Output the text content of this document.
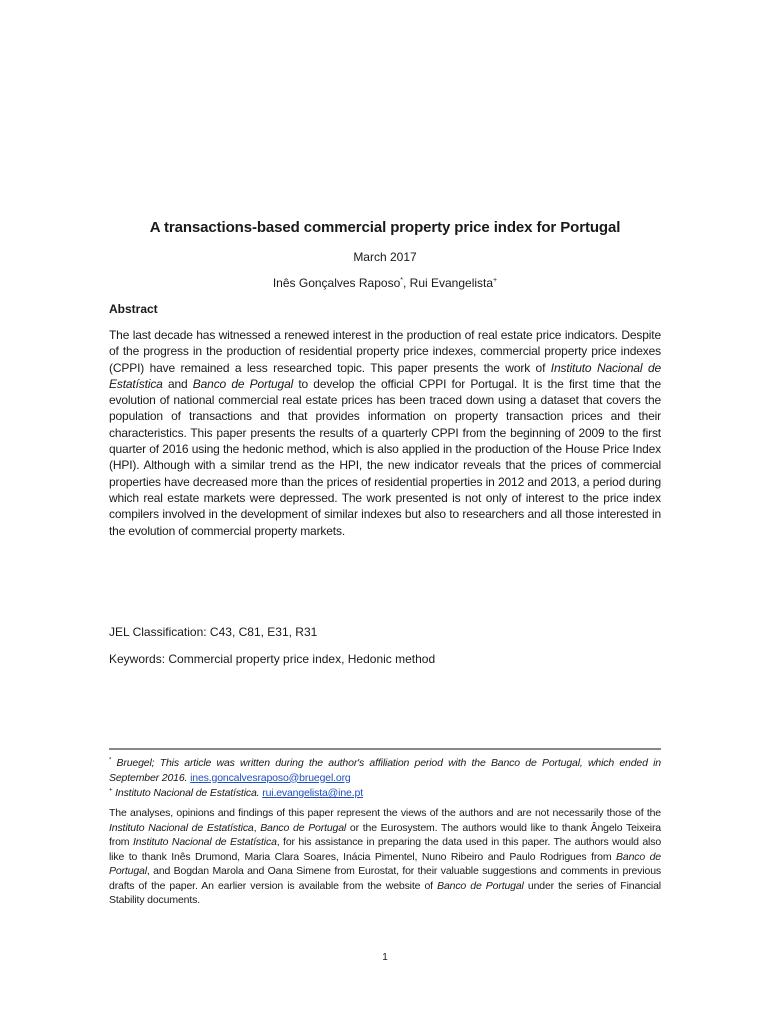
A transactions-based commercial property price index for Portugal
March 2017
Inês Gonçalves Raposo*, Rui Evangelista+
Abstract
The last decade has witnessed a renewed interest in the production of real estate price indicators. Despite of the progress in the production of residential property price indexes, commercial property price indexes (CPPI) have remained a less researched topic. This paper presents the work of Instituto Nacional de Estatística and Banco de Portugal to develop the official CPPI for Portugal. It is the first time that the evolution of national commercial real estate prices has been traced down using a dataset that covers the population of transactions and that provides information on property transaction prices and their characteristics. This paper presents the results of a quarterly CPPI from the beginning of 2009 to the first quarter of 2016 using the hedonic method, which is also applied in the production of the House Price Index (HPI). Although with a similar trend as the HPI, the new indicator reveals that the prices of commercial properties have decreased more than the prices of residential properties in 2012 and 2013, a period during which real estate markets were depressed. The work presented is not only of interest to the price index compilers involved in the development of similar indexes but also to researchers and all those interested in the evolution of commercial property markets.
JEL Classification: C43, C81, E31, R31
Keywords: Commercial property price index, Hedonic method
* Bruegel; This article was written during the author's affiliation period with the Banco de Portugal, which ended in September 2016. ines.goncalvesraposo@bruegel.org
+ Instituto Nacional de Estatística. rui.evangelista@ine.pt
The analyses, opinions and findings of this paper represent the views of the authors and are not necessarily those of the Instituto Nacional de Estatística, Banco de Portugal or the Eurosystem. The authors would like to thank Ângelo Teixeira from Instituto Nacional de Estatística, for his assistance in preparing the data used in this paper. The authors would also like to thank Inês Drumond, Maria Clara Soares, Inácia Pimentel, Nuno Ribeiro and Paulo Rodrigues from Banco de Portugal, and Bogdan Marola and Oana Simene from Eurostat, for their valuable suggestions and comments in previous drafts of the paper. An earlier version is available from the website of Banco de Portugal under the series of Financial Stability documents.
1
